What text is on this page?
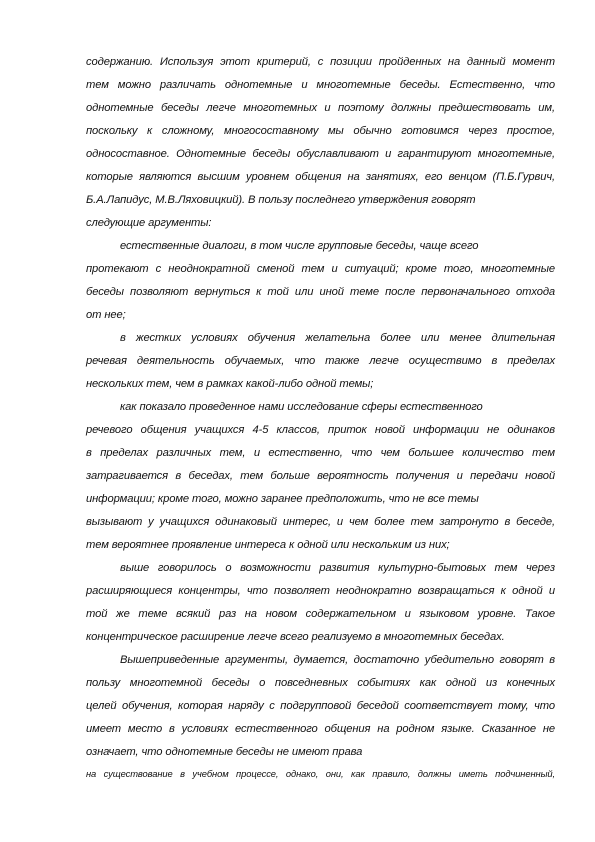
содержанию. Используя этот критерий, с позиции пройденных на данный момент

тем можно различать однотемные и многотемные беседы. Естественно, что

однотемные беседы легче многотемных и поэтому должны предшествовать им,

поскольку к сложному, многосоставному мы обычно готовимся через простое,

односоставное. Однотемные беседы обуславливают и гарантируют многотемные,

которые являются высшим уровнем общения на занятиях, его венцом (П.Б.Гурвич,

Б.А.Лапидус, М.В.Ляховицкий). В пользу последнего утверждения говорят

следующие аргументы:

естественные диалоги, в том числе групповые беседы, чаще всего

протекают с неоднократной сменой тем и ситуаций; кроме того, многотемные

беседы позволяют вернуться к той или иной теме после первоначального отхода

от нее;

в жестких условиях обучения желательна более или менее длительная

речевая деятельность обучаемых, что также легче осуществимо в пределах

нескольких тем, чем в рамках какой-либо одной темы;

как показало проведенное нами исследование сферы естественного

речевого общения учащихся 4-5 классов, приток новой информации не одинаков

в пределах различных тем, и естественно, что чем большее количество тем

затрагивается в беседах, тем больше вероятность получения и передачи новой

информации; кроме того, можно заранее предположить, что не все темы

вызывают у учащихся одинаковый интерес, и чем более тем затронуто в беседе,

тем вероятнее проявление интереса к одной или нескольким из них;

выше говорилось о возможности развития культурно-бытовых тем через

расширяющиеся концентры, что позволяет неоднократно возвращаться к одной и

той же теме всякий раз на новом содержательном и языковом уровне. Такое

концентрическое расширение легче всего реализуемо в многотемных беседах.

Вышеприведенные аргументы, думается, достаточно убедительно говорят в

пользу многотемной беседы о повседневных событиях как одной из конечных

целей обучения, которая наряду с подгрупповой беседой соответствует тому, что

имеет место в условиях естественного общения на родном языке. Сказанное не

означает, что однотемные беседы не имеют права

на существование в учебном процессе, однако, они, как правило, должны иметь подчиненный,
